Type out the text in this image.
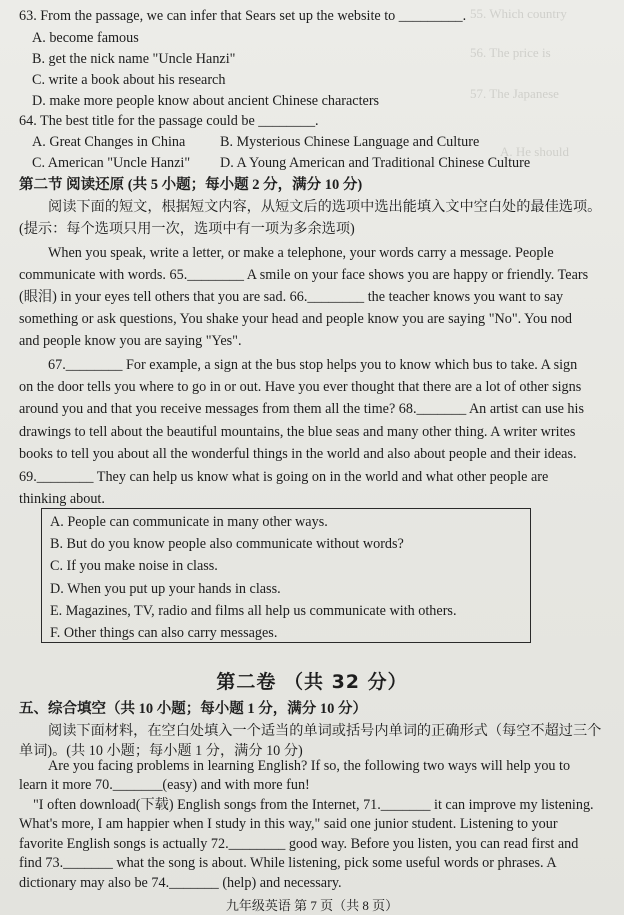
55. Which country
56. The price is
57. The Japanese
A. He should
63. From the passage, we can infer that Sears set up the website to _________.
A. become famous
B. get the nick name "Uncle Hanzi"
C. write a book about his research
D. make more people know about ancient Chinese characters
64. The best title for the passage could be ________.
A. Great Changes in China B. Mysterious Chinese Language and Culture
C. American "Uncle Hanzi" D. A Young American and Traditional Chinese Culture
第二节 阅读还原 (共 5 小题；每小题 2 分，满分 10 分)
阅读下面的短文，根据短文内容，从短文后的选项中选出能填入文中空白处的最佳选项。
(提示：每个选项只用一次，选项中有一项为多余选项)
When you speak, write a letter, or make a telephone, your words carry a message. People
communicate with words. 65.________ A smile on your face shows you are happy or friendly. Tears
(眼泪) in your eyes tell others that you are sad. 66.________ the teacher knows you want to say
something or ask questions, You shake your head and people know you are saying "No". You nod
and people know you are saying "Yes".
67.________ For example, a sign at the bus stop helps you to know which bus to take. A sign
on the door tells you where to go in or out. Have you ever thought that there are a lot of other signs
around you and that you receive messages from them all the time? 68._______ An artist can use his
drawings to tell about the beautiful mountains, the blue seas and many other thing. A writer writes
books to tell you about all the wonderful things in the world and also about people and their ideas.
69.________ They can help us know what is going on in the world and what other people are
thinking about.
A. People can communicate in many other ways.
B. But do you know people also communicate without words?
C. If you make noise in class.
D. When you put up your hands in class.
E. Magazines, TV, radio and films all help us communicate with others.
F. Other things can also carry messages.
第二卷 （共 32 分）
五、综合填空（共 10 小题；每小题 1 分，满分 10 分）
阅读下面材料，在空白处填入一个适当的单词或括号内单词的正确形式（每空不超过三个
单词)。(共 10 小题；每小题 1 分，满分 10 分)
Are you facing problems in learning English? If so, the following two ways will help you to
learn it more 70._______(easy) and with more fun!
"I often download(下载) English songs from the Internet, 71._______ it can improve my listening.
What's more, I am happier when I study in this way," said one junior student. Listening to your
favorite English songs is actually 72.________ good way. Before you listen, you can read first and
find 73._______ what the song is about. While listening, pick some useful words or phrases. A
dictionary may also be 74._______ (help) and necessary.
九年级英语 第 7 页（共 8 页）
